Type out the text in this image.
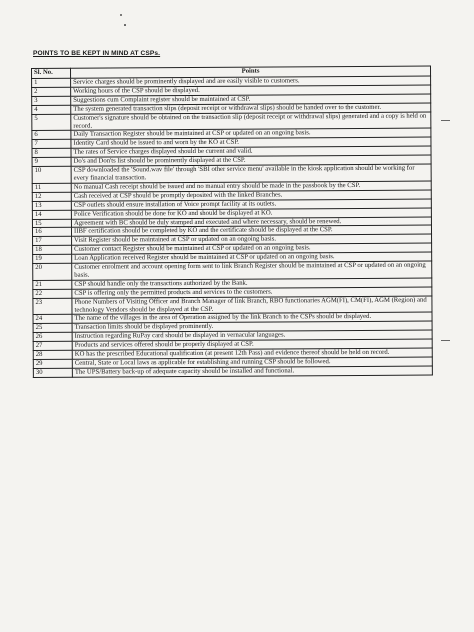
POINTS TO BE KEPT IN MIND AT CSPs.
Sl. No.	Points
1	Service charges should be prominently displayed and are easily visible to customers.
2	Working hours of the CSP should be displayed.
3	Suggestions cum Complaint register should be maintained at CSP.
4	The system generated transaction slips (deposit receipt or withdrawal slips) should be handed over to the customer.
5	Customer's signature should be obtained on the transaction slip (deposit receipt or withdrawal slips) generated and a copy is held on record.
6	Daily Transaction Register should be maintained at CSP or updated on an ongoing basis.
7	Identity Card should be issued to and worn by the KO at CSP.
8	The rates of Service charges displayed should be current and valid.
9	Do's and Don'ts list should be prominently displayed at the CSP.
10	CSP downloaded the 'Sound.wav file' through 'SBI other service menu' available in the kiosk application should be working for every financial transaction.
11	No manual Cash receipt should be issued and no manual entry should be made in the passbook by the CSP.
12	Cash received at CSP should be promptly deposited with the linked Branches.
13	CSP outlets should ensure installation of Voice prompt facility at its outlets.
14	Police Verification should be done for KO and should be displayed at KO.
15	Agreement with BC should be duly stamped and executed and where necessary, should be renewed.
16	IIBF certification should be completed by KO and the certificate should be displayed at the CSP.
17	Visit Register should be maintained at CSP or updated on an ongoing basis.
18	Customer contact Register should be maintained at CSP or updated on an ongoing basis.
19	Loan Application received Register should be maintained at CSP or updated on an ongoing basis.
20	Customer enrolment and account opening form sent to link Branch Register should be maintained at CSP or updated on an ongoing basis.
21	CSP should handle only the transactions authorized by the Bank.
22	CSP is offering only the permitted products and services to the customers.
23	Phone Numbers of Visiting Officer and Branch Manager of link Branch, RBO functionaries AGM(FI), CM(FI), AGM (Region) and technology Vendors should be displayed at the CSP.
24	The name of the villages in the area of Operation assigned by the link Branch to the CSPs should be displayed.
25	Transaction limits should be displayed prominently.
26	Instruction regarding RuPay card should be displayed in vernacular languages.
27	Products and services offered should be properly displayed at CSP.
28	KO has the prescribed Educational qualification (at present 12th Pass) and evidence thereof should be held on record.
29	Central, State or Local laws as applicable for establishing and running CSP should be followed.
30	The UPS/Battery back-up of adequate capacity should be installed and functional.
